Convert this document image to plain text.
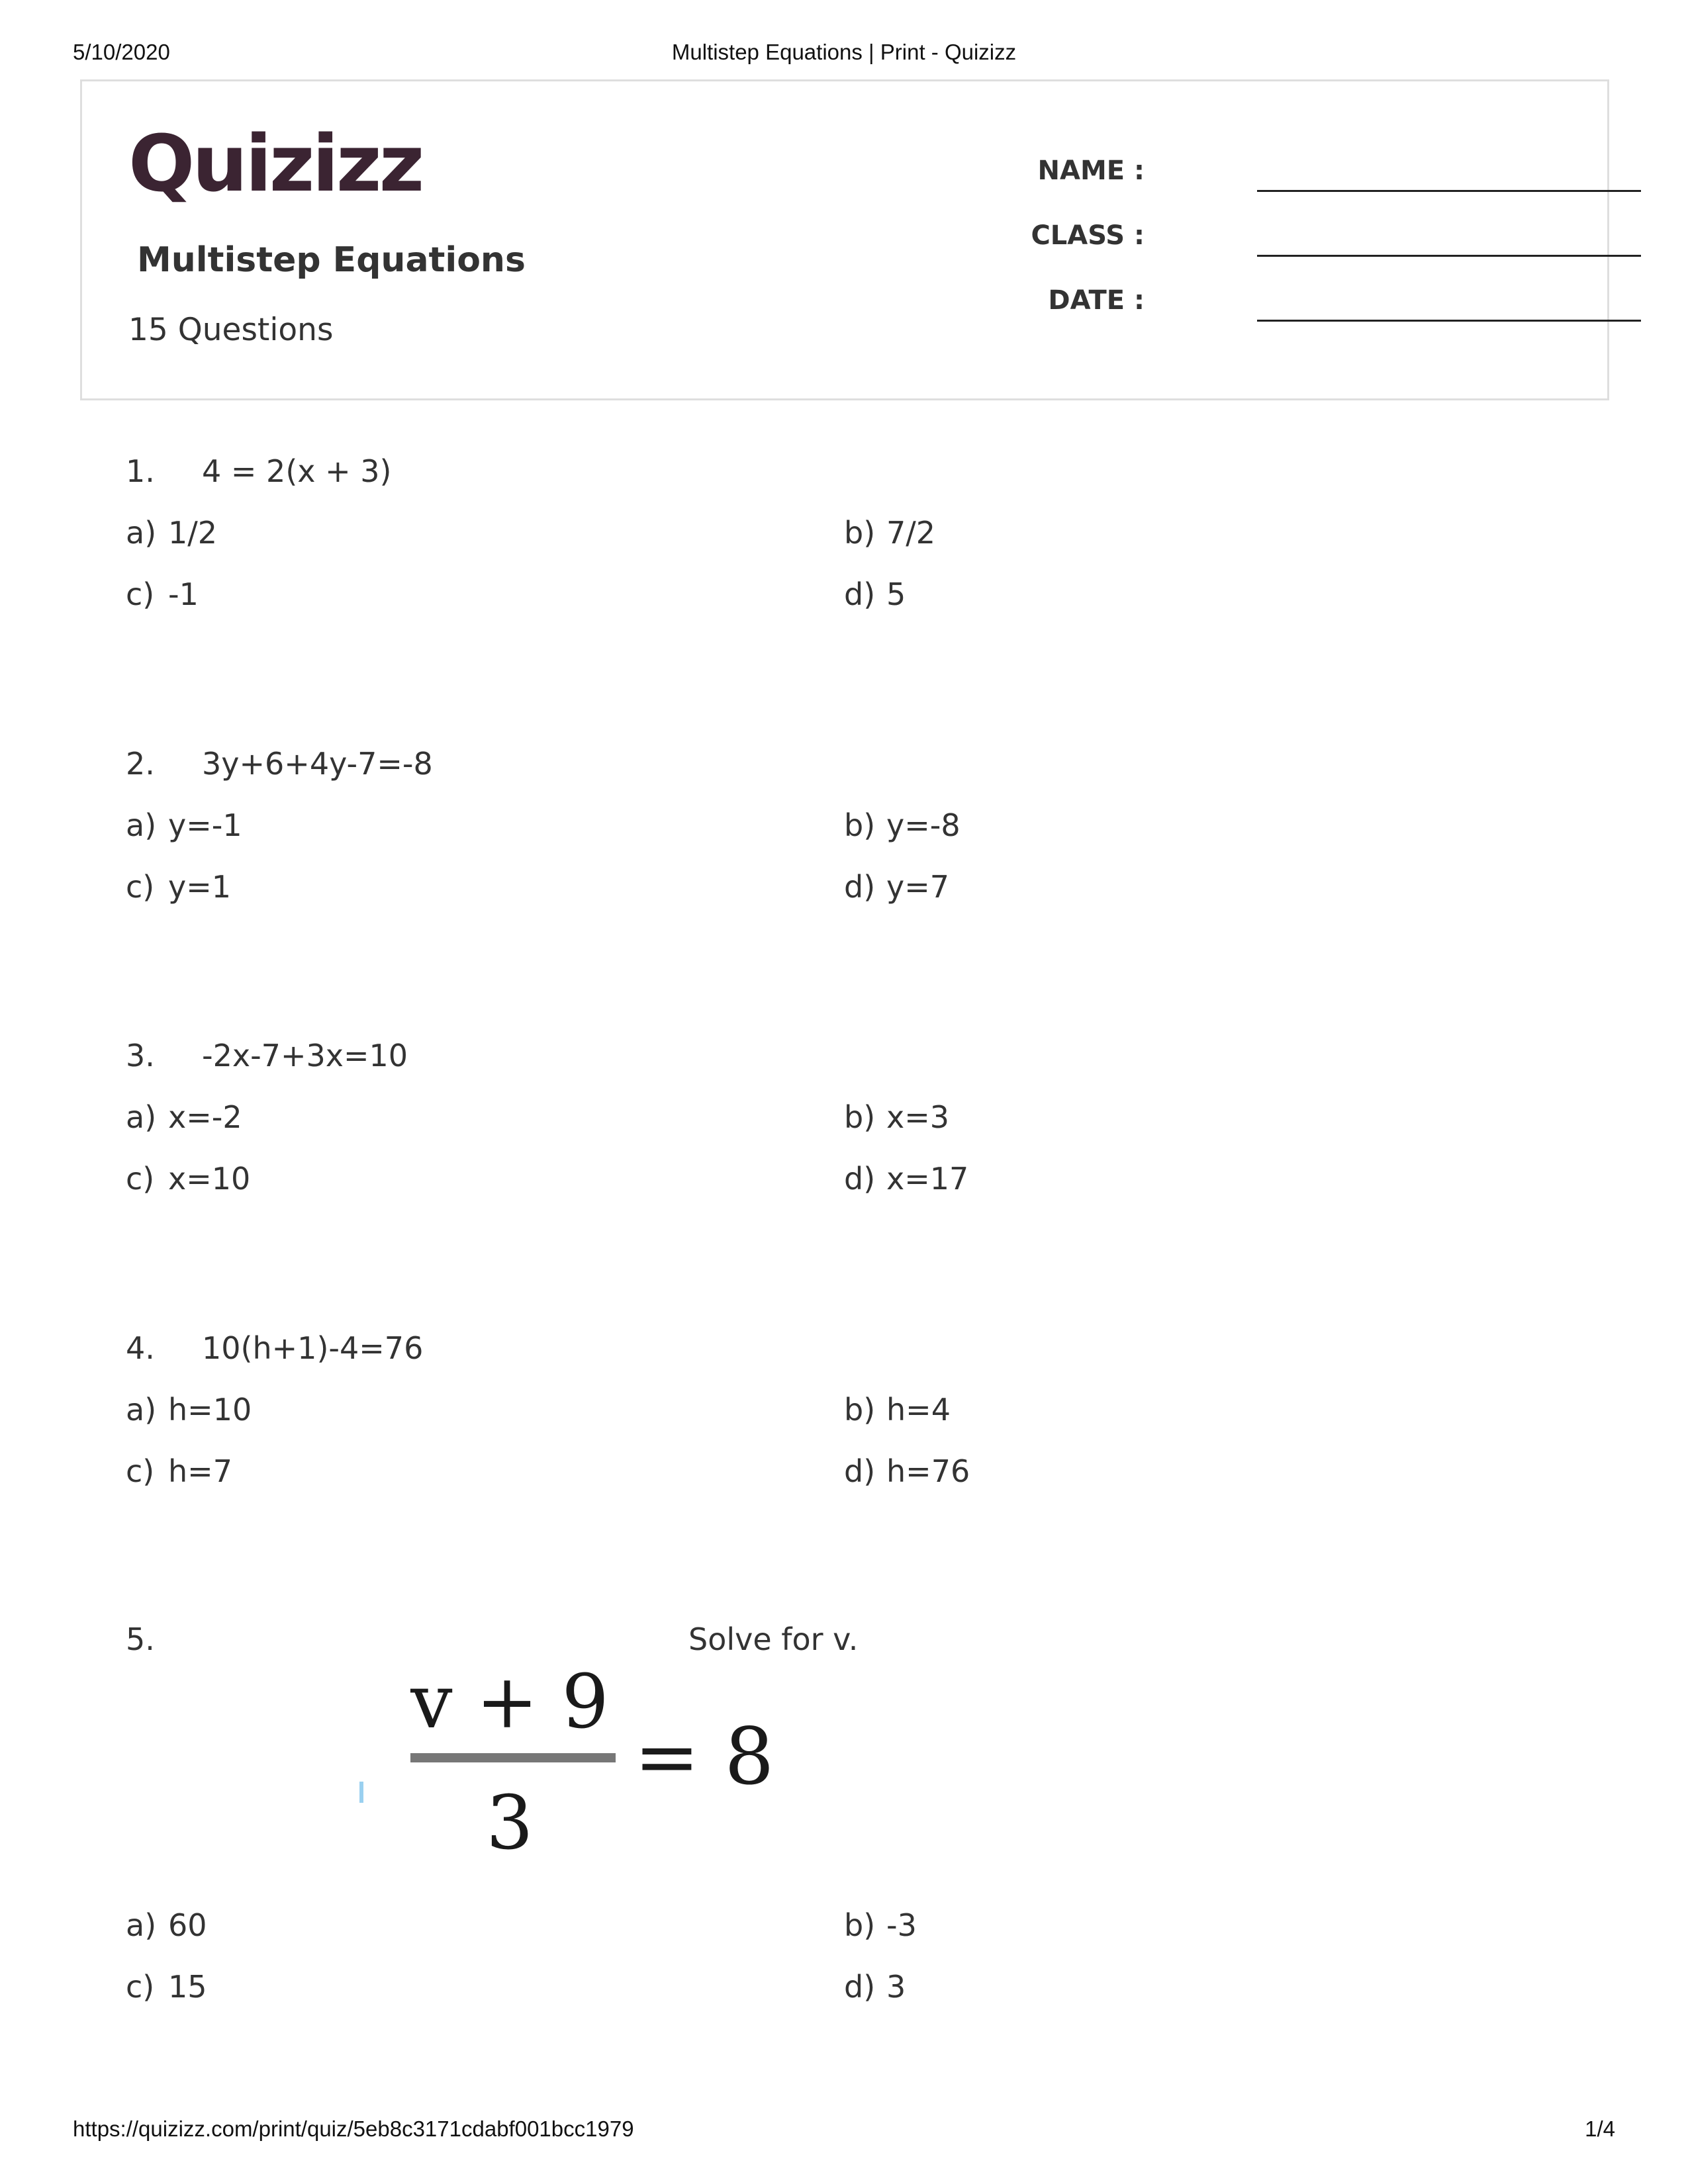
5/10/2020	Multistep Equations | Print - Quizizz
Quizizz
Multistep Equations
15 Questions
NAME :
CLASS :
DATE :
1. 4 = 2(x + 3)
a) 1/2	b) 7/2
c) -1	d) 5
2. 3y+6+4y-7=-8
a) y=-1	b) y=-8
c) y=1	d) y=7
3. -2x-7+3x=10
a) x=-2	b) x=3
c) x=10	d) x=17
4. 10(h+1)-4=76
a) h=10	b) h=4
c) h=7	d) h=76
5.	Solve for v.
v + 9
3
= 8
a) 60	b) -3
c) 15	d) 3
https://quizizz.com/print/quiz/5eb8c3171cdabf001bcc1979	1/4
